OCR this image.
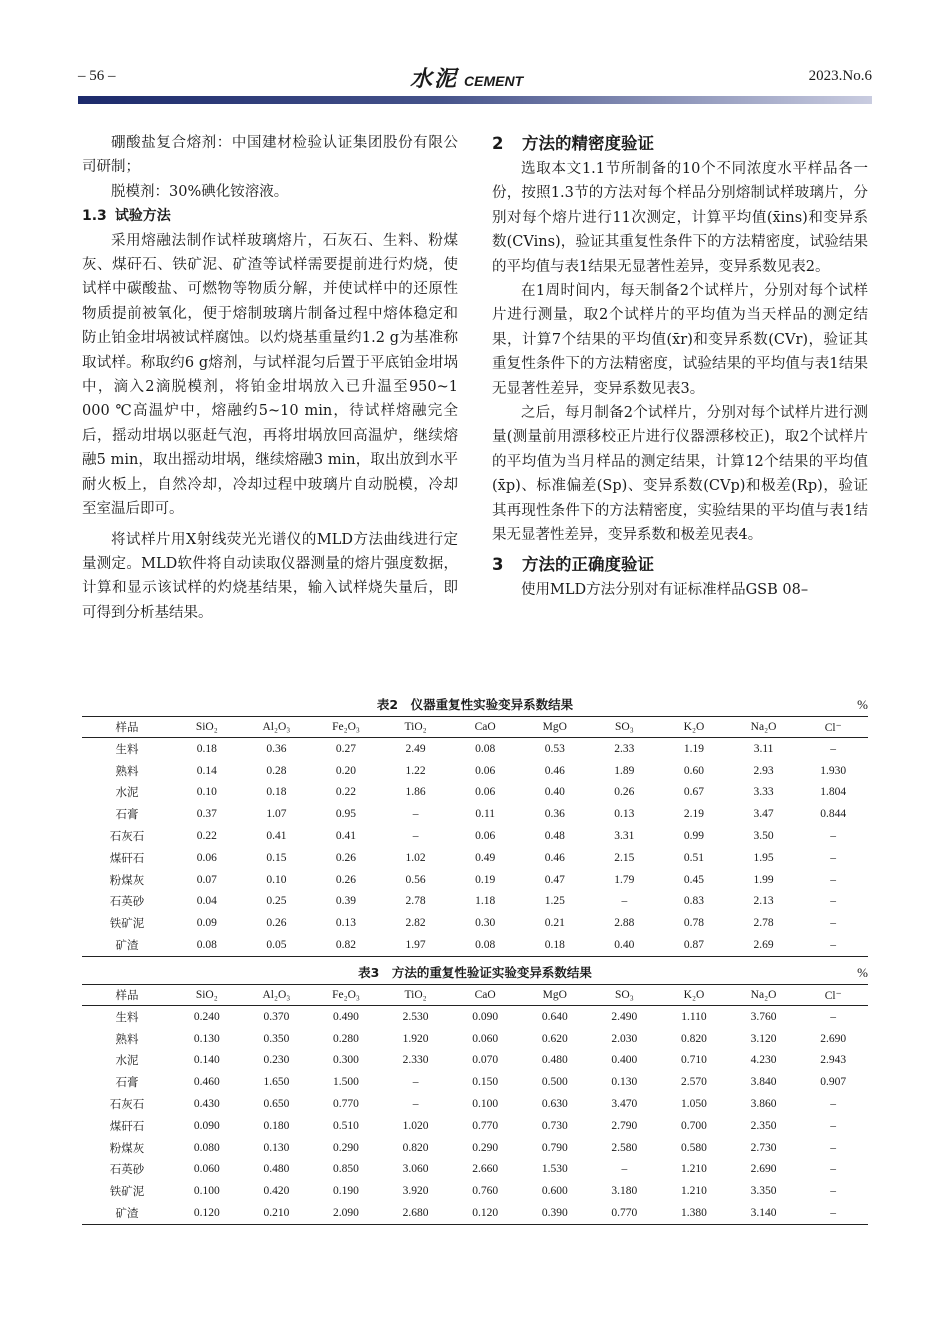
– 56 –	水泥 CEMENT	2023.No.6

硼酸盐复合熔剂：中国建材检验认证集团股份有限公司研制；

脱模剂：30%碘化铵溶液。

1.3 试验方法

采用熔融法制作试样玻璃熔片，石灰石、生料、粉煤灰、煤矸石、铁矿泥、矿渣等试样需要提前进行灼烧，使试样中碳酸盐、可燃物等物质分解，并使试样中的还原性物质提前被氧化，便于熔制玻璃片制备过程中熔体稳定和防止铂金坩埚被试样腐蚀。以灼烧基重量约1.2 g为基准称取试样。称取约6 g熔剂，与试样混匀后置于平底铂金坩埚中，滴入2滴脱模剂，将铂金坩埚放入已升温至950~1 000 ℃高温炉中，熔融约5~10 min，待试样熔融完全后，摇动坩埚以驱赶气泡，再将坩埚放回高温炉，继续熔融5 min，取出摇动坩埚，继续熔融3 min，取出放到水平耐火板上，自然冷却，冷却过程中玻璃片自动脱模，冷却至室温后即可。

将试样片用X射线荧光光谱仪的MLD方法曲线进行定量测定。MLD软件将自动读取仪器测量的熔片强度数据，计算和显示该试样的灼烧基结果，输入试样烧失量后，即可得到分析基结果。

2 方法的精密度验证

选取本文1.1节所制备的10个不同浓度水平样品各一份，按照1.3节的方法对每个样品分别熔制试样玻璃片，分别对每个熔片进行11次测定，计算平均值(x̄ins)和变异系数(CVins)，验证其重复性条件下的方法精密度，试验结果的平均值与表1结果无显著性差异，变异系数见表2。

在1周时间内，每天制备2个试样片，分别对每个试样片进行测量，取2个试样片的平均值为当天样品的测定结果，计算7个结果的平均值(x̄r)和变异系数(CVr)，验证其重复性条件下的方法精密度，试验结果的平均值与表1结果无显著性差异，变异系数见表3。

之后，每月制备2个试样片，分别对每个试样片进行测量(测量前用漂移校正片进行仪器漂移校正)，取2个试样片的平均值为当月样品的测定结果，计算12个结果的平均值(x̄p)、标准偏差(Sp)、变异系数(CVp)和极差(Rp)，验证其再现性条件下的方法精密度，实验结果的平均值与表1结果无显著性差异，变异系数和极差见表4。

3 方法的正确度验证

使用MLD方法分别对有证标准样品GSB 08–

表2　仪器重复性实验变异系数结果	%
样品	SiO₂	Al₂O₃	Fe₂O₃	TiO₂	CaO	MgO	SO₃	K₂O	Na₂O	Cl⁻
生料	0.18	0.36	0.27	2.49	0.08	0.53	2.33	1.19	3.11	–
熟料	0.14	0.28	0.20	1.22	0.06	0.46	1.89	0.60	2.93	1.930
水泥	0.10	0.18	0.22	1.86	0.06	0.40	0.26	0.67	3.33	1.804
石膏	0.37	1.07	0.95	–	0.11	0.36	0.13	2.19	3.47	0.844
石灰石	0.22	0.41	0.41	–	0.06	0.48	3.31	0.99	3.50	–
煤矸石	0.06	0.15	0.26	1.02	0.49	0.46	2.15	0.51	1.95	–
粉煤灰	0.07	0.10	0.26	0.56	0.19	0.47	1.79	0.45	1.99	–
石英砂	0.04	0.25	0.39	2.78	1.18	1.25	–	0.83	2.13	–
铁矿泥	0.09	0.26	0.13	2.82	0.30	0.21	2.88	0.78	2.78	–
矿渣	0.08	0.05	0.82	1.97	0.08	0.18	0.40	0.87	2.69	–
表3　方法的重复性验证实验变异系数结果	%
样品	SiO₂	Al₂O₃	Fe₂O₃	TiO₂	CaO	MgO	SO₃	K₂O	Na₂O	Cl⁻
生料	0.240	0.370	0.490	2.530	0.090	0.640	2.490	1.110	3.760	–
熟料	0.130	0.350	0.280	1.920	0.060	0.620	2.030	0.820	3.120	2.690
水泥	0.140	0.230	0.300	2.330	0.070	0.480	0.400	0.710	4.230	2.943
石膏	0.460	1.650	1.500	–	0.150	0.500	0.130	2.570	3.840	0.907
石灰石	0.430	0.650	0.770	–	0.100	0.630	3.470	1.050	3.860	–
煤矸石	0.090	0.180	0.510	1.020	0.770	0.730	2.790	0.700	2.350	–
粉煤灰	0.080	0.130	0.290	0.820	0.290	0.790	2.580	0.580	2.730	–
石英砂	0.060	0.480	0.850	3.060	2.660	1.530	–	1.210	2.690	–
铁矿泥	0.100	0.420	0.190	3.920	0.760	0.600	3.180	1.210	3.350	–
矿渣	0.120	0.210	2.090	2.680	0.120	0.390	0.770	1.380	3.140	–
